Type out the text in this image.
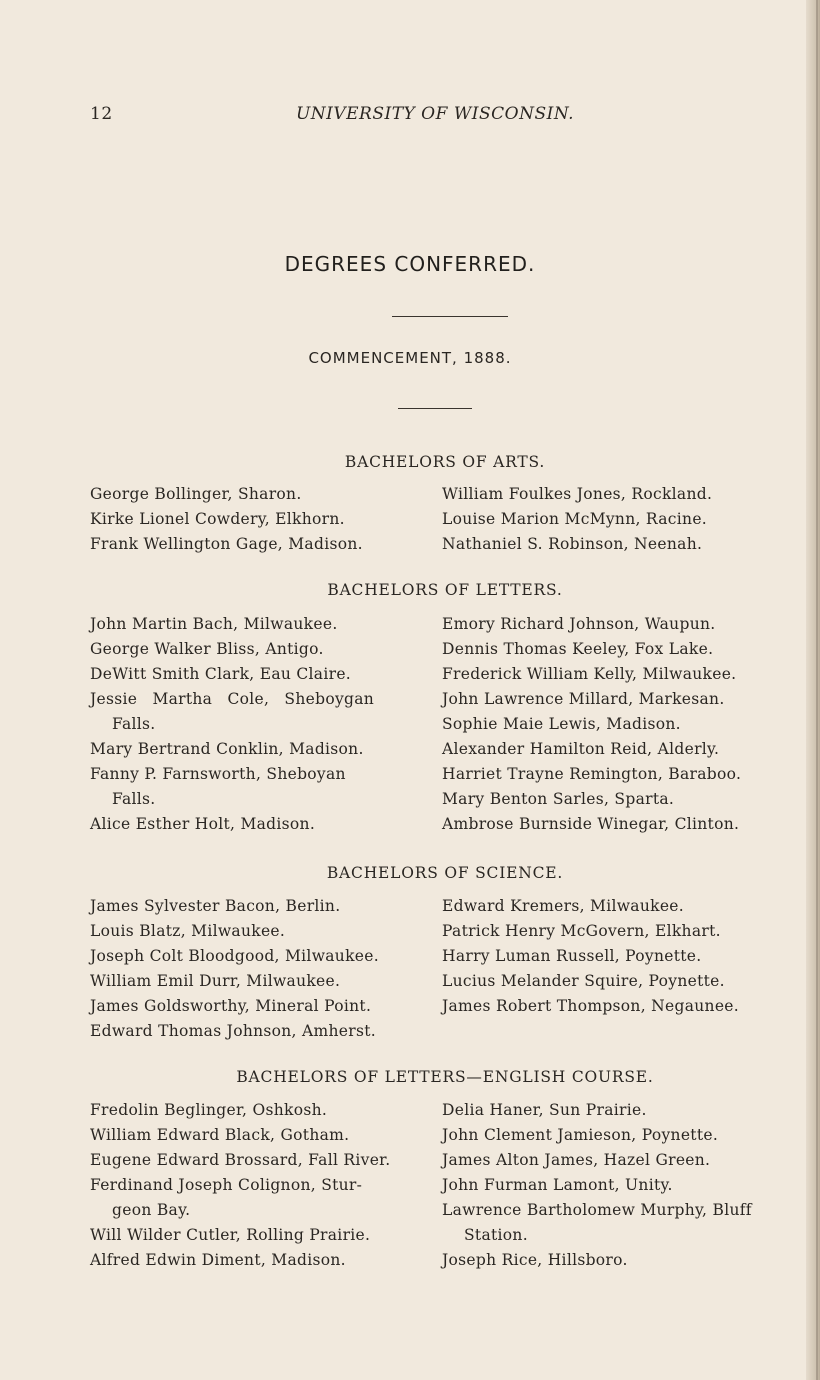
12	UNIVERSITY OF WISCONSIN.
DEGREES CONFERRED.
COMMENCEMENT, 1888.
BACHELORS OF ARTS.
George Bollinger, Sharon.
Kirke Lionel Cowdery, Elkhorn.
Frank Wellington Gage, Madison.
William Foulkes Jones, Rockland.
Louise Marion McMynn, Racine.
Nathaniel S. Robinson, Neenah.
BACHELORS OF LETTERS.
John Martin Bach, Milwaukee.
George Walker Bliss, Antigo.
DeWitt Smith Clark, Eau Claire.
Jessie Martha Cole, Sheboygan
Falls.
Mary Bertrand Conklin, Madison.
Fanny P. Farnsworth, Sheboyan
Falls.
Alice Esther Holt, Madison.
Emory Richard Johnson, Waupun.
Dennis Thomas Keeley, Fox Lake.
Frederick William Kelly, Milwaukee.
John Lawrence Millard, Markesan.
Sophie Maie Lewis, Madison.
Alexander Hamilton Reid, Alderly.
Harriet Trayne Remington, Baraboo.
Mary Benton Sarles, Sparta.
Ambrose Burnside Winegar, Clinton.
BACHELORS OF SCIENCE.
James Sylvester Bacon, Berlin.
Louis Blatz, Milwaukee.
Joseph Colt Bloodgood, Milwaukee.
William Emil Durr, Milwaukee.
James Goldsworthy, Mineral Point.
Edward Thomas Johnson, Amherst.
Edward Kremers, Milwaukee.
Patrick Henry McGovern, Elkhart.
Harry Luman Russell, Poynette.
Lucius Melander Squire, Poynette.
James Robert Thompson, Negaunee.
BACHELORS OF LETTERS—ENGLISH COURSE.
Fredolin Beglinger, Oshkosh.
William Edward Black, Gotham.
Eugene Edward Brossard, Fall River.
Ferdinand Joseph Colignon, Stur-
geon Bay.
Will Wilder Cutler, Rolling Prairie.
Alfred Edwin Diment, Madison.
Delia Haner, Sun Prairie.
John Clement Jamieson, Poynette.
James Alton James, Hazel Green.
John Furman Lamont, Unity.
Lawrence Bartholomew Murphy, Bluff
Station.
Joseph Rice, Hillsboro.
